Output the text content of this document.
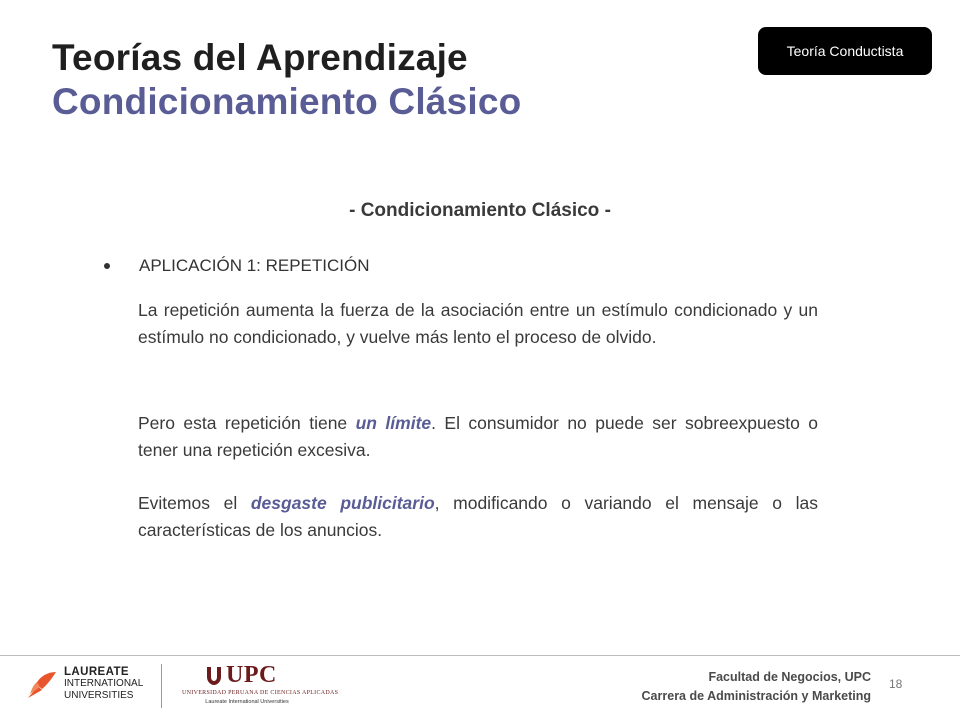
Teorías del Aprendizaje
Condicionamiento Clásico
Teoría Conductista
- Condicionamiento Clásico -
APLICACIÓN 1: REPETICIÓN
La repetición aumenta la fuerza de la asociación entre un estímulo condicionado y un estímulo no condicionado, y vuelve más lento el proceso de olvido.
Pero esta repetición tiene un límite. El consumidor no puede ser sobreexpuesto o tener una repetición excesiva.
Evitemos el desgaste publicitario, modificando o variando el mensaje o las características de los anuncios.
LAUREATE
INTERNATIONAL
UNIVERSITIES
UPC
UNIVERSIDAD PERUANA DE CIENCIAS APLICADAS
Laureate International Universities
Facultad de Negocios, UPC
Carrera de Administración y Marketing
18
